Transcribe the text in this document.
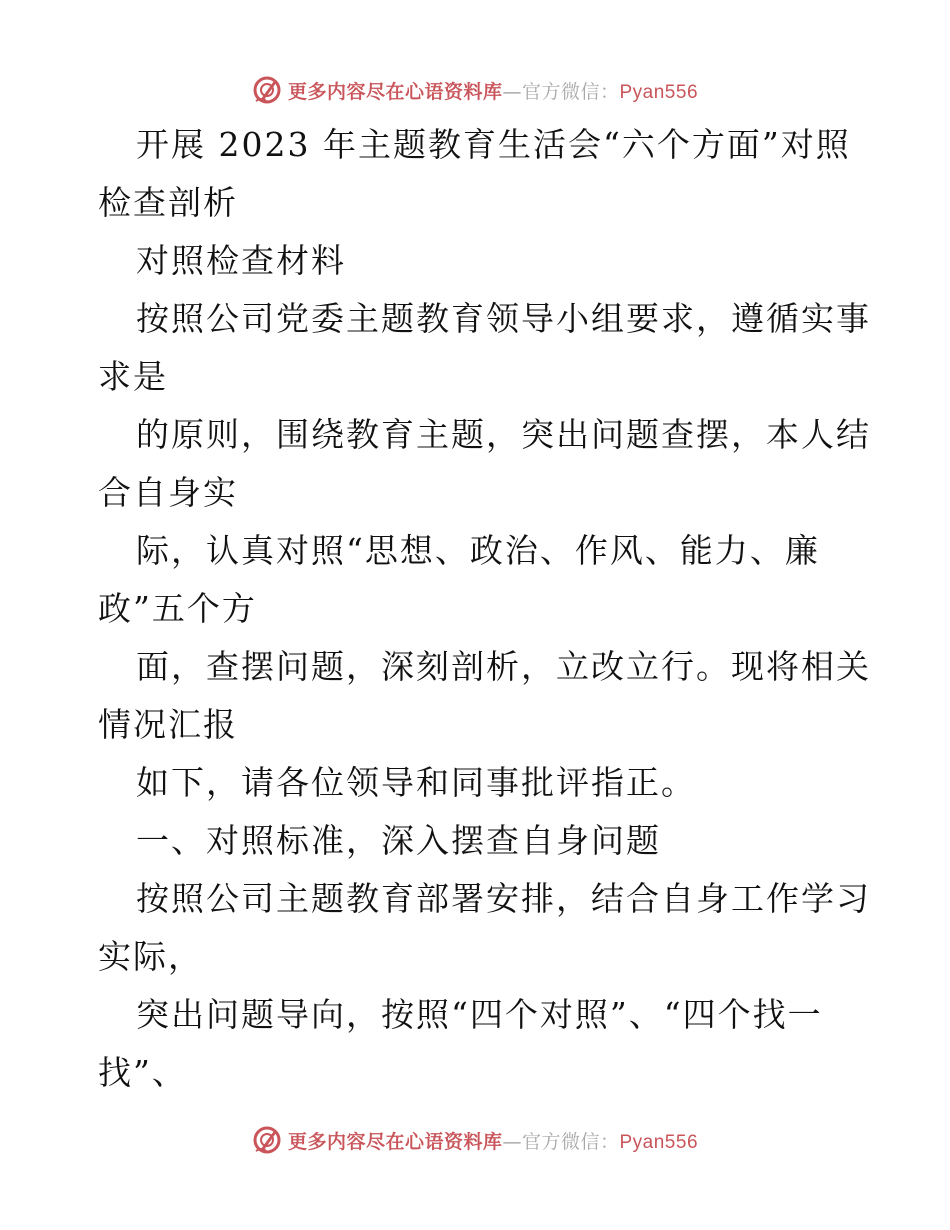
更多内容尽在心语资料库—官方微信：Pyan556
开展 2023 年主题教育生活会“六个方面”对照
检查剖析
对照检查材料
按照公司党委主题教育领导小组要求，遵循实事
求是
的原则，围绕教育主题，突出问题查摆，本人结
合自身实
际，认真对照“思想、政治、作风、能力、廉
政”五个方
面，查摆问题，深刻剖析，立改立行。现将相关
情况汇报
如下，请各位领导和同事批评指正。
一、对照标准，深入摆查自身问题
按照公司主题教育部署安排，结合自身工作学习
实际，
突出问题导向，按照“四个对照”、“四个找一
找”、
更多内容尽在心语资料库—官方微信：Pyan556
